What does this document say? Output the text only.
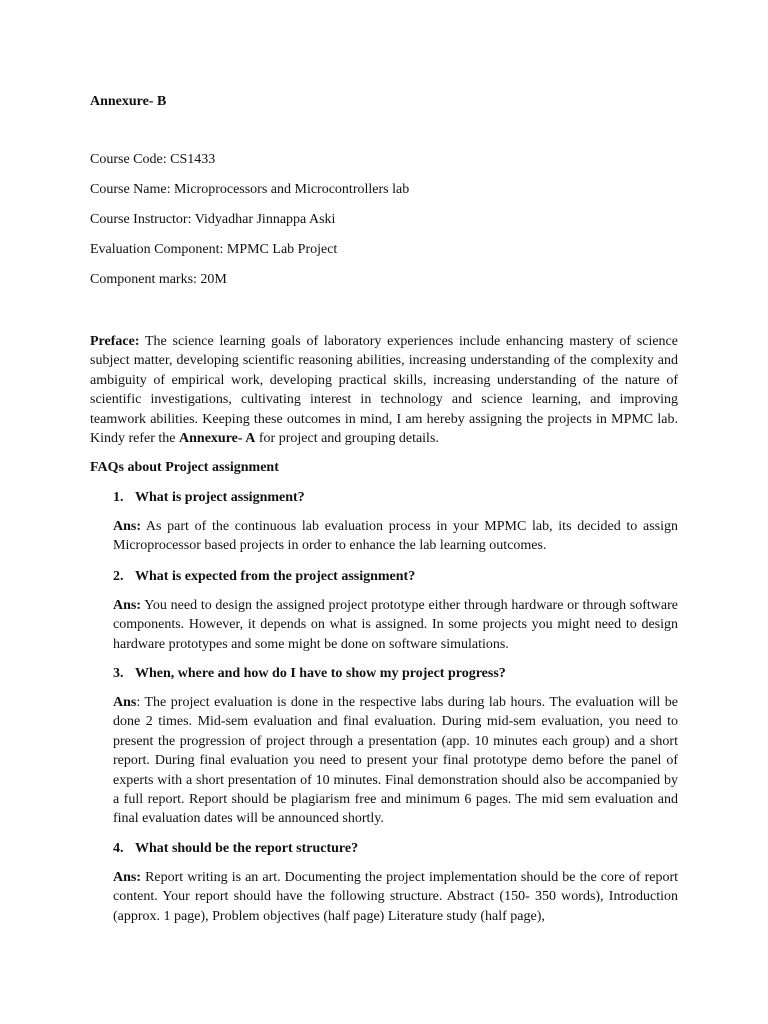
Annexure- B
Course Code: CS1433
Course Name: Microprocessors and Microcontrollers lab
Course Instructor: Vidyadhar Jinnappa Aski
Evaluation Component: MPMC Lab Project
Component marks: 20M
Preface: The science learning goals of laboratory experiences include enhancing mastery of science subject matter, developing scientific reasoning abilities, increasing understanding of the complexity and ambiguity of empirical work, developing practical skills, increasing understanding of the nature of scientific investigations, cultivating interest in technology and science learning, and improving teamwork abilities. Keeping these outcomes in mind, I am hereby assigning the projects in MPMC lab. Kindy refer the Annexure- A for project and grouping details.
FAQs about Project assignment
1. What is project assignment?
Ans: As part of the continuous lab evaluation process in your MPMC lab, its decided to assign Microprocessor based projects in order to enhance the lab learning outcomes.
2. What is expected from the project assignment?
Ans: You need to design the assigned project prototype either through hardware or through software components. However, it depends on what is assigned. In some projects you might need to design hardware prototypes and some might be done on software simulations.
3. When, where and how do I have to show my project progress?
Ans: The project evaluation is done in the respective labs during lab hours. The evaluation will be done 2 times. Mid-sem evaluation and final evaluation. During mid-sem evaluation, you need to present the progression of project through a presentation (app. 10 minutes each group) and a short report. During final evaluation you need to present your final prototype demo before the panel of experts with a short presentation of 10 minutes. Final demonstration should also be accompanied by a full report. Report should be plagiarism free and minimum 6 pages. The mid sem evaluation and final evaluation dates will be announced shortly.
4. What should be the report structure?
Ans: Report writing is an art. Documenting the project implementation should be the core of report content. Your report should have the following structure. Abstract (150- 350 words), Introduction (approx. 1 page), Problem objectives (half page) Literature study (half page),
